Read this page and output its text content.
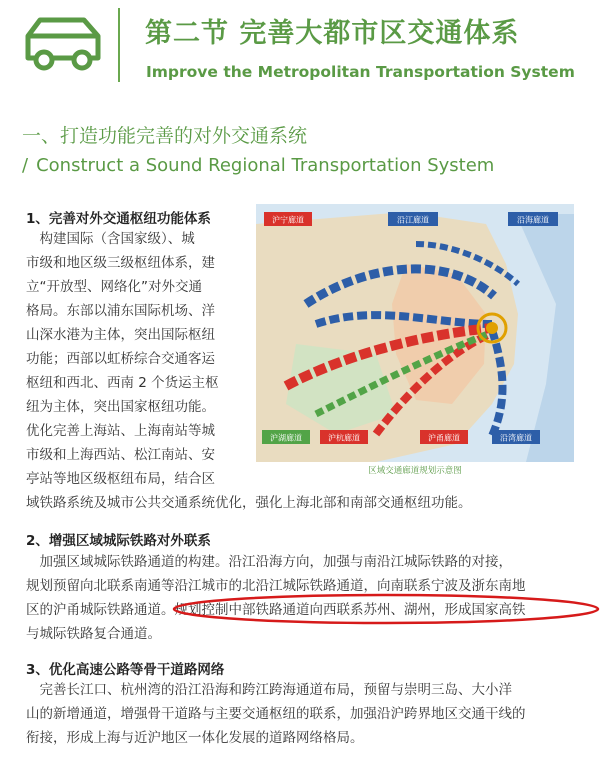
第二节 完善大都市区交通体系
Improve the Metropolitan Transportation System
一、打造功能完善的对外交通系统
/ Construct a Sound Regional Transportation System
1、完善对外交通枢纽功能体系
　构建国际（含国家级）、城
市级和地区级三级枢纽体系，建
立“开放型、网络化”对外交通
格局。东部以浦东国际机场、洋
山深水港为主体，突出国际枢纽
功能；西部以虹桥综合交通客运
枢纽和西北、西南 2 个货运主枢
纽为主体，突出国家枢纽功能。
优化完善上海站、上海南站等城
市级和上海西站、松江南站、安
亭站等地区级枢纽布局，结合区
域铁路系统及城市公共交通系统优化，强化上海北部和南部交通枢纽功能。
沪宁廊道	沿江廊道	沿海廊道
沪湖廊道	沪杭廊道	沪甬廊道	沿湾廊道
区域交通廊道规划示意图
2、增强区域城际铁路对外联系
　加强区域城际铁路通道的构建。沿江沿海方向，加强与南沿江城际铁路的对接，
规划预留向北联系南通等沿江城市的北沿江城际铁路通道，向南联系宁波及浙东南地
区的沪甬城际铁路通道。规划控制中部铁路通道向西联系苏州、湖州，形成国家高铁
与城际铁路复合通道。
3、优化高速公路等骨干道路网络
　完善长江口、杭州湾的沿江沿海和跨江跨海通道布局，预留与崇明三岛、大小洋
山的新增通道，增强骨干道路与主要交通枢纽的联系，加强沿沪跨界地区交通干线的
衔接，形成上海与近沪地区一体化发展的道路网络格局。
